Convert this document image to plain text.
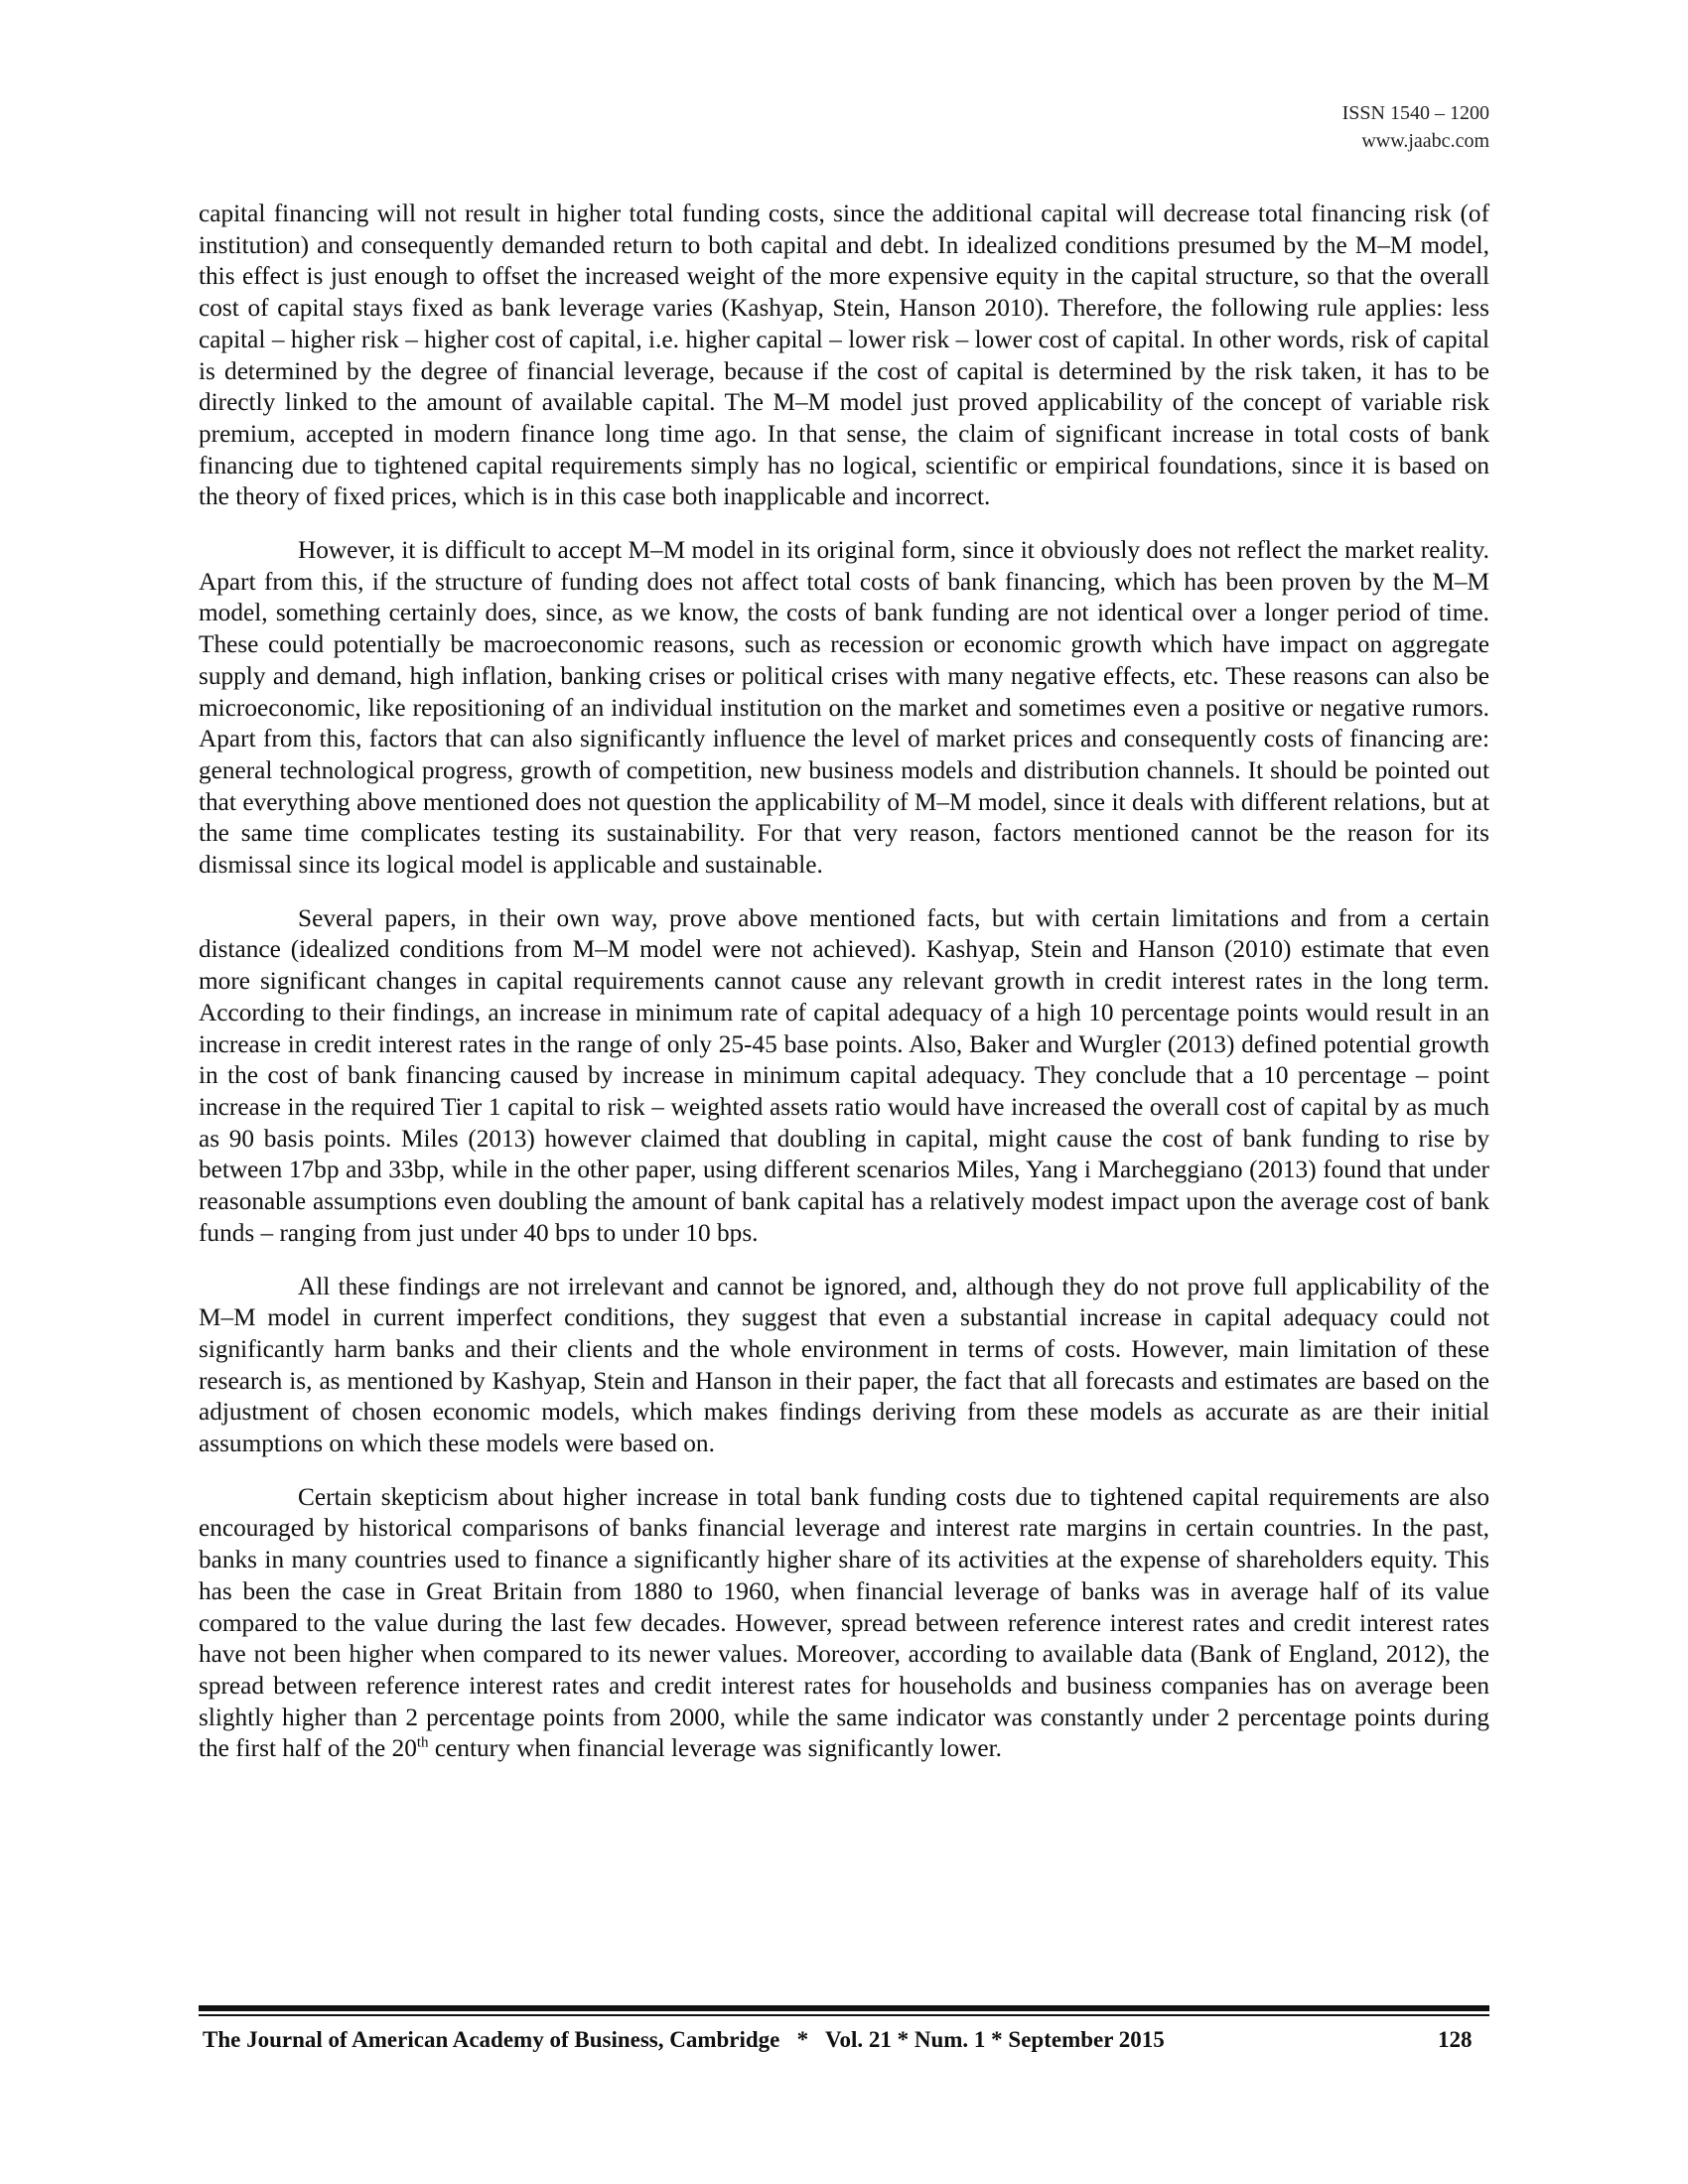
ISSN 1540 – 1200
www.jaabc.com

capital financing will not result in higher total funding costs, since the additional capital will decrease total financing risk (of institution) and consequently demanded return to both capital and debt. In idealized conditions presumed by the M–M model, this effect is just enough to offset the increased weight of the more expensive equity in the capital structure, so that the overall cost of capital stays fixed as bank leverage varies (Kashyap, Stein, Hanson 2010). Therefore, the following rule applies: less capital – higher risk – higher cost of capital, i.e. higher capital – lower risk – lower cost of capital. In other words, risk of capital is determined by the degree of financial leverage, because if the cost of capital is determined by the risk taken, it has to be directly linked to the amount of available capital. The M–M model just proved applicability of the concept of variable risk premium, accepted in modern finance long time ago. In that sense, the claim of significant increase in total costs of bank financing due to tightened capital requirements simply has no logical, scientific or empirical foundations, since it is based on the theory of fixed prices, which is in this case both inapplicable and incorrect.

However, it is difficult to accept M–M model in its original form, since it obviously does not reflect the market reality. Apart from this, if the structure of funding does not affect total costs of bank financing, which has been proven by the M–M model, something certainly does, since, as we know, the costs of bank funding are not identical over a longer period of time. These could potentially be macroeconomic reasons, such as recession or economic growth which have impact on aggregate supply and demand, high inflation, banking crises or political crises with many negative effects, etc. These reasons can also be microeconomic, like repositioning of an individual institution on the market and sometimes even a positive or negative rumors. Apart from this, factors that can also significantly influence the level of market prices and consequently costs of financing are: general technological progress, growth of competition, new business models and distribution channels. It should be pointed out that everything above mentioned does not question the applicability of M–M model, since it deals with different relations, but at the same time complicates testing its sustainability. For that very reason, factors mentioned cannot be the reason for its dismissal since its logical model is applicable and sustainable.

Several papers, in their own way, prove above mentioned facts, but with certain limitations and from a certain distance (idealized conditions from M–M model were not achieved). Kashyap, Stein and Hanson (2010) estimate that even more significant changes in capital requirements cannot cause any relevant growth in credit interest rates in the long term. According to their findings, an increase in minimum rate of capital adequacy of a high 10 percentage points would result in an increase in credit interest rates in the range of only 25-45 base points. Also, Baker and Wurgler (2013) defined potential growth in the cost of bank financing caused by increase in minimum capital adequacy. They conclude that a 10 percentage – point increase in the required Tier 1 capital to risk – weighted assets ratio would have increased the overall cost of capital by as much as 90 basis points. Miles (2013) however claimed that doubling in capital, might cause the cost of bank funding to rise by between 17bp and 33bp, while in the other paper, using different scenarios Miles, Yang i Marcheggiano (2013) found that under reasonable assumptions even doubling the amount of bank capital has a relatively modest impact upon the average cost of bank funds – ranging from just under 40 bps to under 10 bps.

All these findings are not irrelevant and cannot be ignored, and, although they do not prove full applicability of the M–M model in current imperfect conditions, they suggest that even a substantial increase in capital adequacy could not significantly harm banks and their clients and the whole environment in terms of costs. However, main limitation of these research is, as mentioned by Kashyap, Stein and Hanson in their paper, the fact that all forecasts and estimates are based on the adjustment of chosen economic models, which makes findings deriving from these models as accurate as are their initial assumptions on which these models were based on.

Certain skepticism about higher increase in total bank funding costs due to tightened capital requirements are also encouraged by historical comparisons of banks financial leverage and interest rate margins in certain countries. In the past, banks in many countries used to finance a significantly higher share of its activities at the expense of shareholders equity. This has been the case in Great Britain from 1880 to 1960, when financial leverage of banks was in average half of its value compared to the value during the last few decades. However, spread between reference interest rates and credit interest rates have not been higher when compared to its newer values. Moreover, according to available data (Bank of England, 2012), the spread between reference interest rates and credit interest rates for households and business companies has on average been slightly higher than 2 percentage points from 2000, while the same indicator was constantly under 2 percentage points during the first half of the 20th century when financial leverage was significantly lower.

The Journal of American Academy of Business, Cambridge   *   Vol. 21 * Num. 1 * September 2015	128
